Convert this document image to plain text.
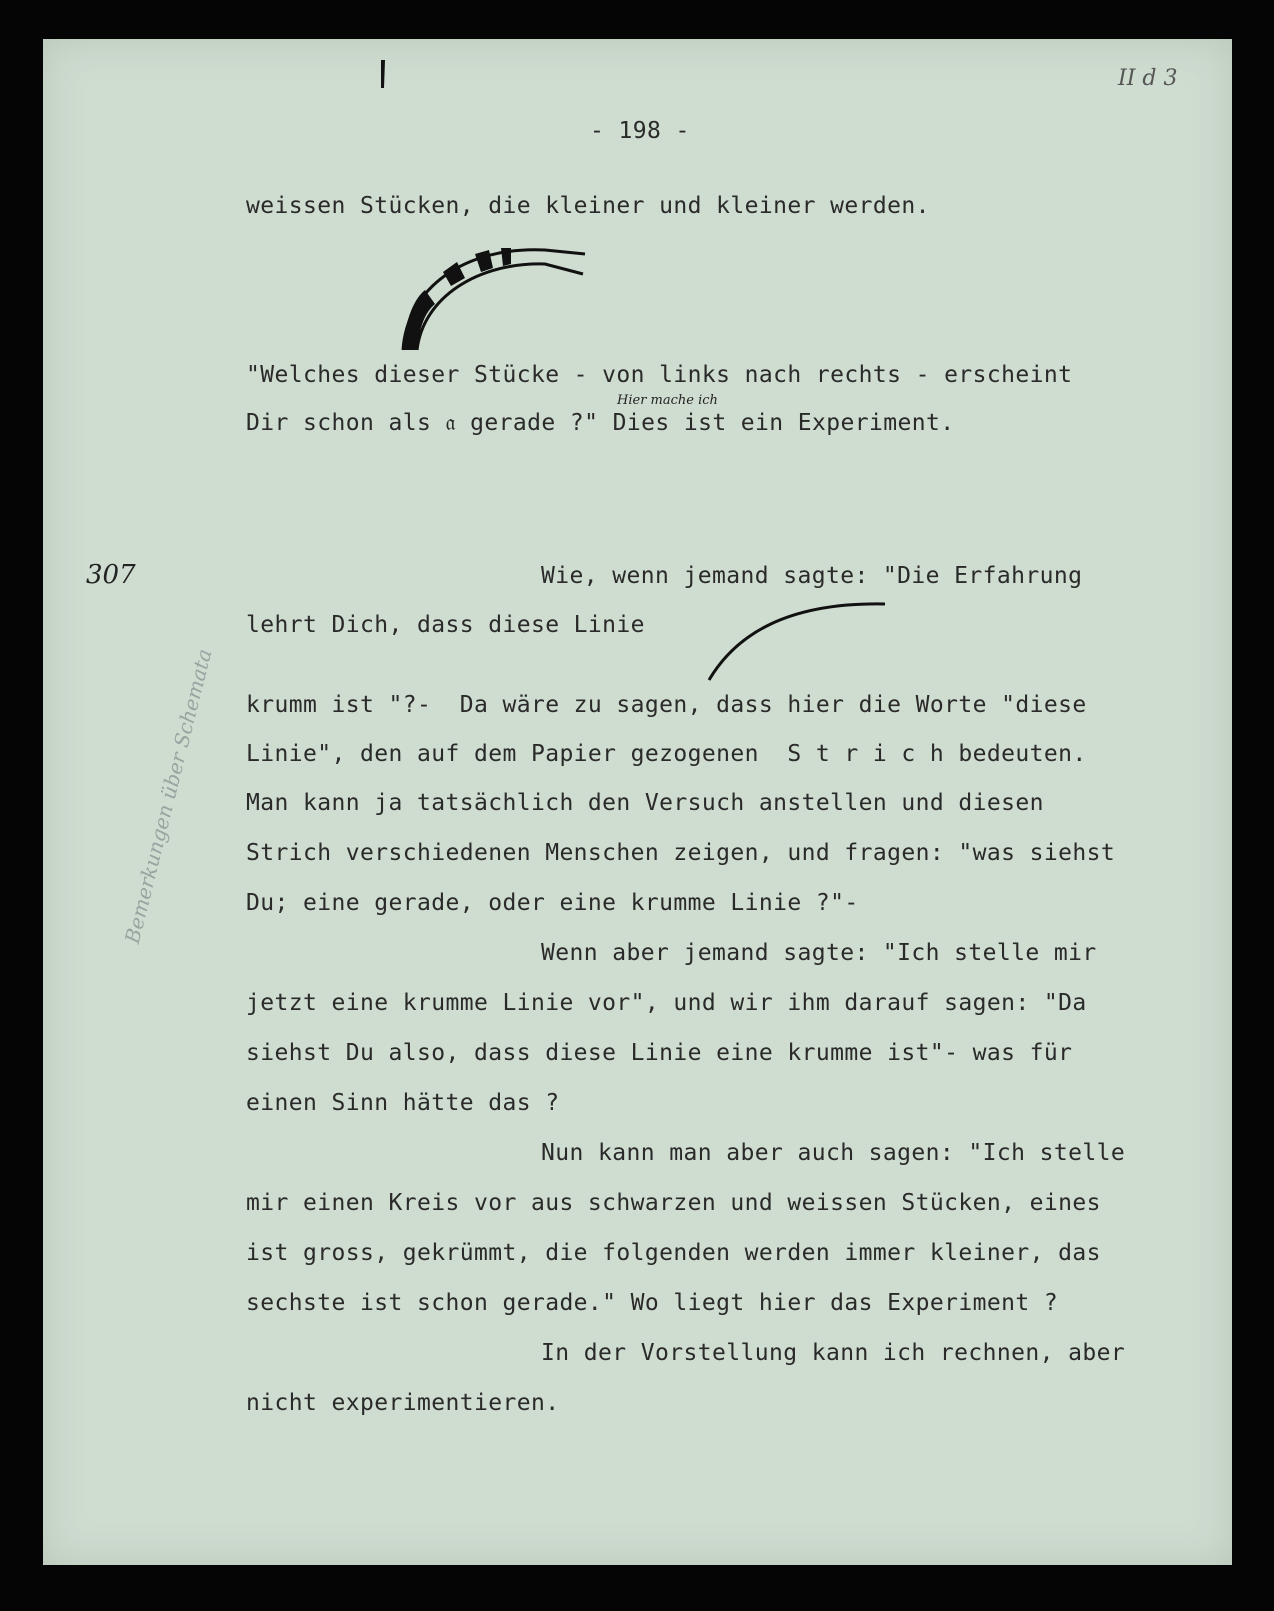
II d 3
- 198 -
weissen Stücken, die kleiner und kleiner werden.
"Welches dieser Stücke - von links nach rechts - erscheint
Hier mache ich
Dir schon als 𝔞 gerade ?" Dies ist ein Experiment.
307
Bemerkungen über Schemata
Wie, wenn jemand sagte: "Die Erfahrung
lehrt Dich, dass diese Linie
krumm ist "?-  Da wäre zu sagen, dass hier die Worte "diese
Linie", den auf dem Papier gezogenen  S t r i c h bedeuten.
Man kann ja tatsächlich den Versuch anstellen und diesen
Strich verschiedenen Menschen zeigen, und fragen: "was siehst
Du; eine gerade, oder eine krumme Linie ?"-
Wenn aber jemand sagte: "Ich stelle mir
jetzt eine krumme Linie vor", und wir ihm darauf sagen: "Da
siehst Du also, dass diese Linie eine krumme ist"- was für
einen Sinn hätte das ?
Nun kann man aber auch sagen: "Ich stelle
mir einen Kreis vor aus schwarzen und weissen Stücken, eines
ist gross, gekrümmt, die folgenden werden immer kleiner, das
sechste ist schon gerade." Wo liegt hier das Experiment ?
In der Vorstellung kann ich rechnen, aber
nicht experimentieren.
